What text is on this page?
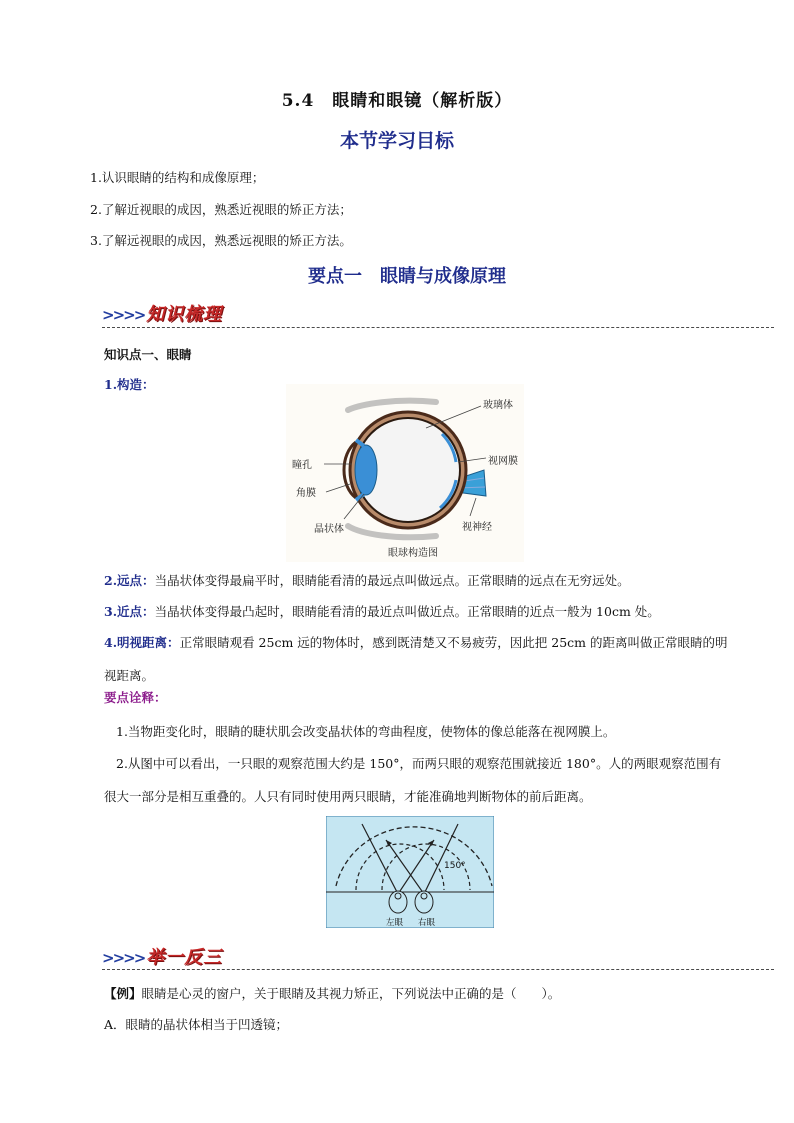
5.4　眼睛和眼镜（解析版）
本节学习目标
1.认识眼睛的结构和成像原理；
2.了解近视眼的成因，熟悉近视眼的矫正方法；
3.了解远视眼的成因，熟悉远视眼的矫正方法。
要点一　眼睛与成像原理
>>>> 知识梳理
知识点一、眼睛
1.构造：
玻璃体
视网膜
瞳孔
角膜
晶状体	视神经
眼球构造图
2.远点：当晶状体变得最扁平时，眼睛能看清的最远点叫做远点。正常眼睛的远点在无穷远处。
3.近点：当晶状体变得最凸起时，眼睛能看清的最近点叫做近点。正常眼睛的近点一般为 10cm 处。
4.明视距离：正常眼睛观看 25cm 远的物体时，感到既清楚又不易疲劳，因此把 25cm 的距离叫做正常眼睛的明视距离。
要点诠释：
1.当物距变化时，眼睛的睫状肌会改变晶状体的弯曲程度，使物体的像总能落在视网膜上。
2.从图中可以看出，一只眼的观察范围大约是 150°，而两只眼的观察范围就接近 180°。人的两眼观察范围有很大一部分是相互重叠的。人只有同时使用两只眼睛，才能准确地判断物体的前后距离。
150°
左眼 右眼
>>>> 举一反三
【例】眼睛是心灵的窗户，关于眼睛及其视力矫正，下列说法中正确的是（　　）。
A．眼睛的晶状体相当于凹透镜；
